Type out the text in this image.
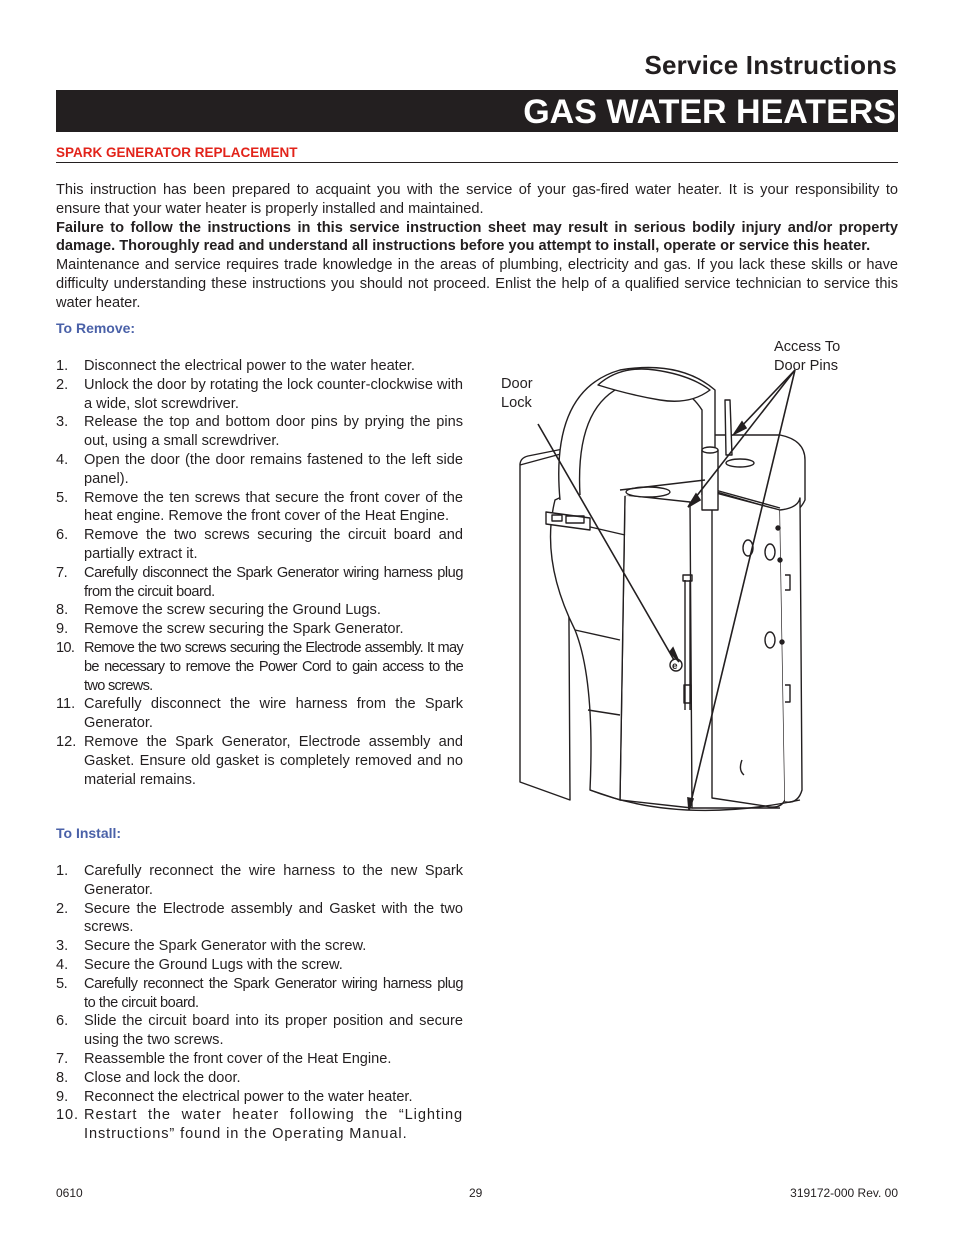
Service Instructions
GAS WATER HEATERS
SPARK GENERATOR REPLACEMENT

This instruction has been prepared to acquaint you with the service of your gas-fired water heater. It is your responsibility to ensure that your water heater is properly installed and maintained.

Failure to follow the instructions in this service instruction sheet may result in serious bodily injury and/or property damage. Thoroughly read and understand all instructions before you attempt to install, operate or service this heater.

Maintenance and service requires trade knowledge in the areas of plumbing, electricity and gas. If you lack these skills or have difficulty understanding these instructions you should not proceed. Enlist the help of a qualified service technician to service this water heater.

To Remove:
1. Disconnect the electrical power to the water heater.
2. Unlock the door by rotating the lock counter-clockwise with a wide, slot screwdriver.
3. Release the top and bottom door pins by prying the pins out, using a small screwdriver.
4. Open the door (the door remains fastened to the left side panel).
5. Remove the ten screws that secure the front cover of the heat engine. Remove the front cover of the Heat Engine.
6. Remove the two screws securing the circuit board and partially extract it.
7. Carefully disconnect the Spark Generator wiring harness plug from the circuit board.
8. Remove the screw securing the Ground Lugs.
9. Remove the screw securing the Spark Generator.
10. Remove the two screws securing the Electrode assembly. It may be necessary to remove the Power Cord to gain access to the two screws.
11. Carefully disconnect the wire harness from the Spark Generator.
12. Remove the Spark Generator, Electrode assembly and Gasket. Ensure old gasket is completely removed and no material remains.
To Install:
1. Carefully reconnect the wire harness to the new Spark Generator.
2. Secure the Electrode assembly and Gasket with the two screws.
3. Secure the Spark Generator with the screw.
4. Secure the Ground Lugs with the screw.
5. Carefully reconnect the Spark Generator wiring harness plug to the circuit board.
6. Slide the circuit board into its proper position and secure using the two screws.
7. Reassemble the front cover of the Heat Engine.
8. Close and lock the door.
9. Reconnect the electrical power to the water heater.
10. Restart the water heater following the “Lighting Instructions” found in the Operating Manual.
Door
Lock
Access To
Door Pins
e
0610	29	319172-000 Rev. 00
